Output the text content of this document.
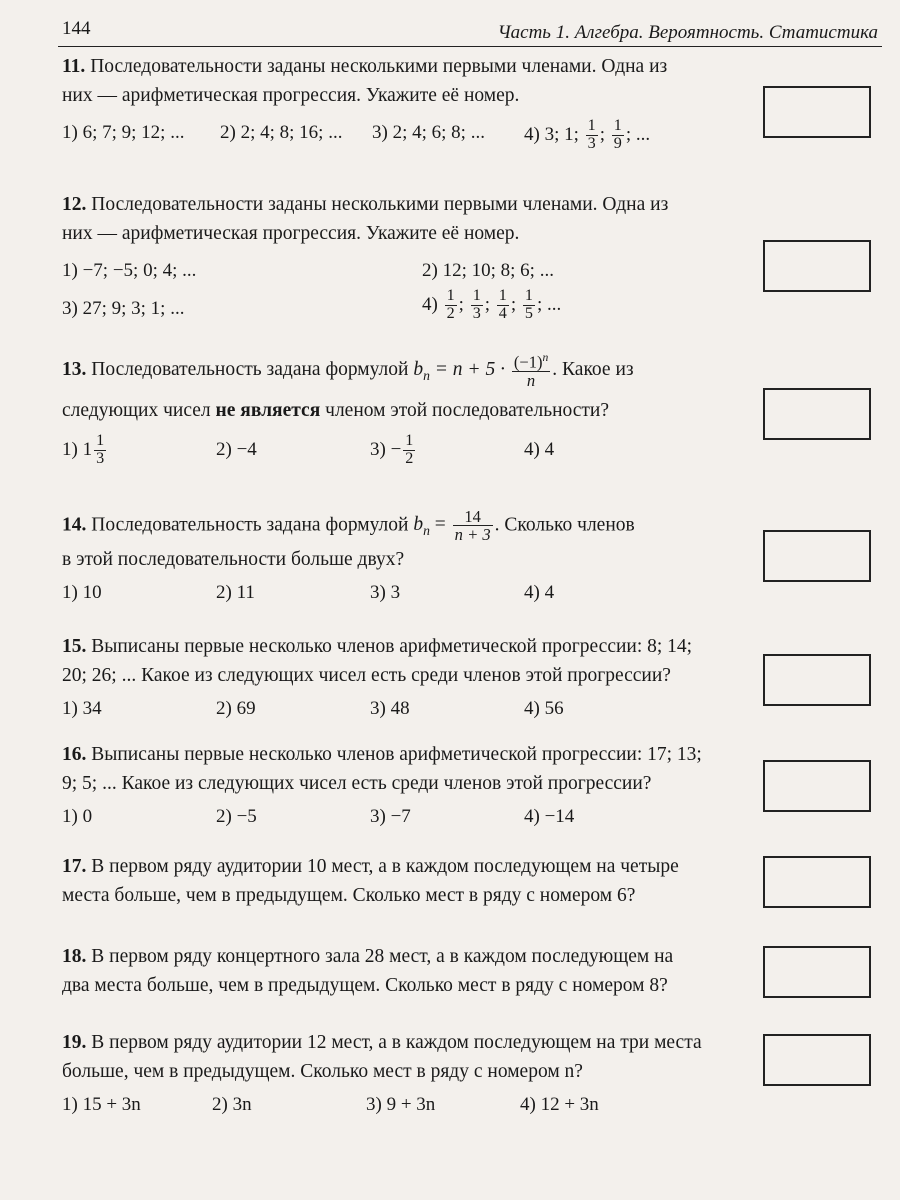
144	Часть 1. Алгебра. Вероятность. Статистика
11. Последовательности заданы несколькими первыми членами. Одна из
них — арифметическая прогрессия. Укажите её номер.
1) 6; 7; 9; 12; ... 2) 2; 4; 8; 16; ... 3) 2; 4; 6; 8; ... 4) 3; 1; $\frac{1}{3}$ ; $\frac{1}{9}$ ; ...
12. Последовательности заданы несколькими первыми членами. Одна из
них — арифметическая прогрессия. Укажите её номер.
1) −7; −5; 0; 4; ...	2) 12; 10; 8; 6; ...
3) 27; 9; 3; 1; ...	$4) \frac{1}{2}$ ; $\frac{1}{3}$ ; $\frac{1}{4}$ ; $\frac{1}{5}$ ; ...
13. Последовательность задана формулой $b_n = n + 5 \cdot \frac{(-1)^n}{n}$ . Какое из
следующих чисел не является членом этой последовательности?
1) $1 \frac{1}{3}$	2) −4	$3) - \frac{1}{2}$	4) 4
14. Последовательность задана формулой $b_n = \frac{14}{n + 3}$ . Сколько членов
в этой последовательности больше двух?
1) 10	2) 11	3) 3	4) 4
15. Выписаны первые несколько членов арифметической прогрессии: 8; 14;
20; 26; ... Какое из следующих чисел есть среди членов этой прогрессии?
1) 34	2) 69	3) 48	4) 56
16. Выписаны первые несколько членов арифметической прогрессии: 17; 13;
9; 5; ... Какое из следующих чисел есть среди членов этой прогрессии?
1) 0	2) −5	3) −7	4) −14
17. В первом ряду аудитории 10 мест, а в каждом последующем на четыре
места больше, чем в предыдущем. Сколько мест в ряду с номером 6?
18. В первом ряду концертного зала 28 мест, а в каждом последующем на
два места больше, чем в предыдущем. Сколько мест в ряду с номером 8?
19. В первом ряду аудитории 12 мест, а в каждом последующем на три места
больше, чем в предыдущем. Сколько мест в ряду с номером n?
1) 15 + 3n	2) 3n	3) 9 + 3n	4) 12 + 3n
